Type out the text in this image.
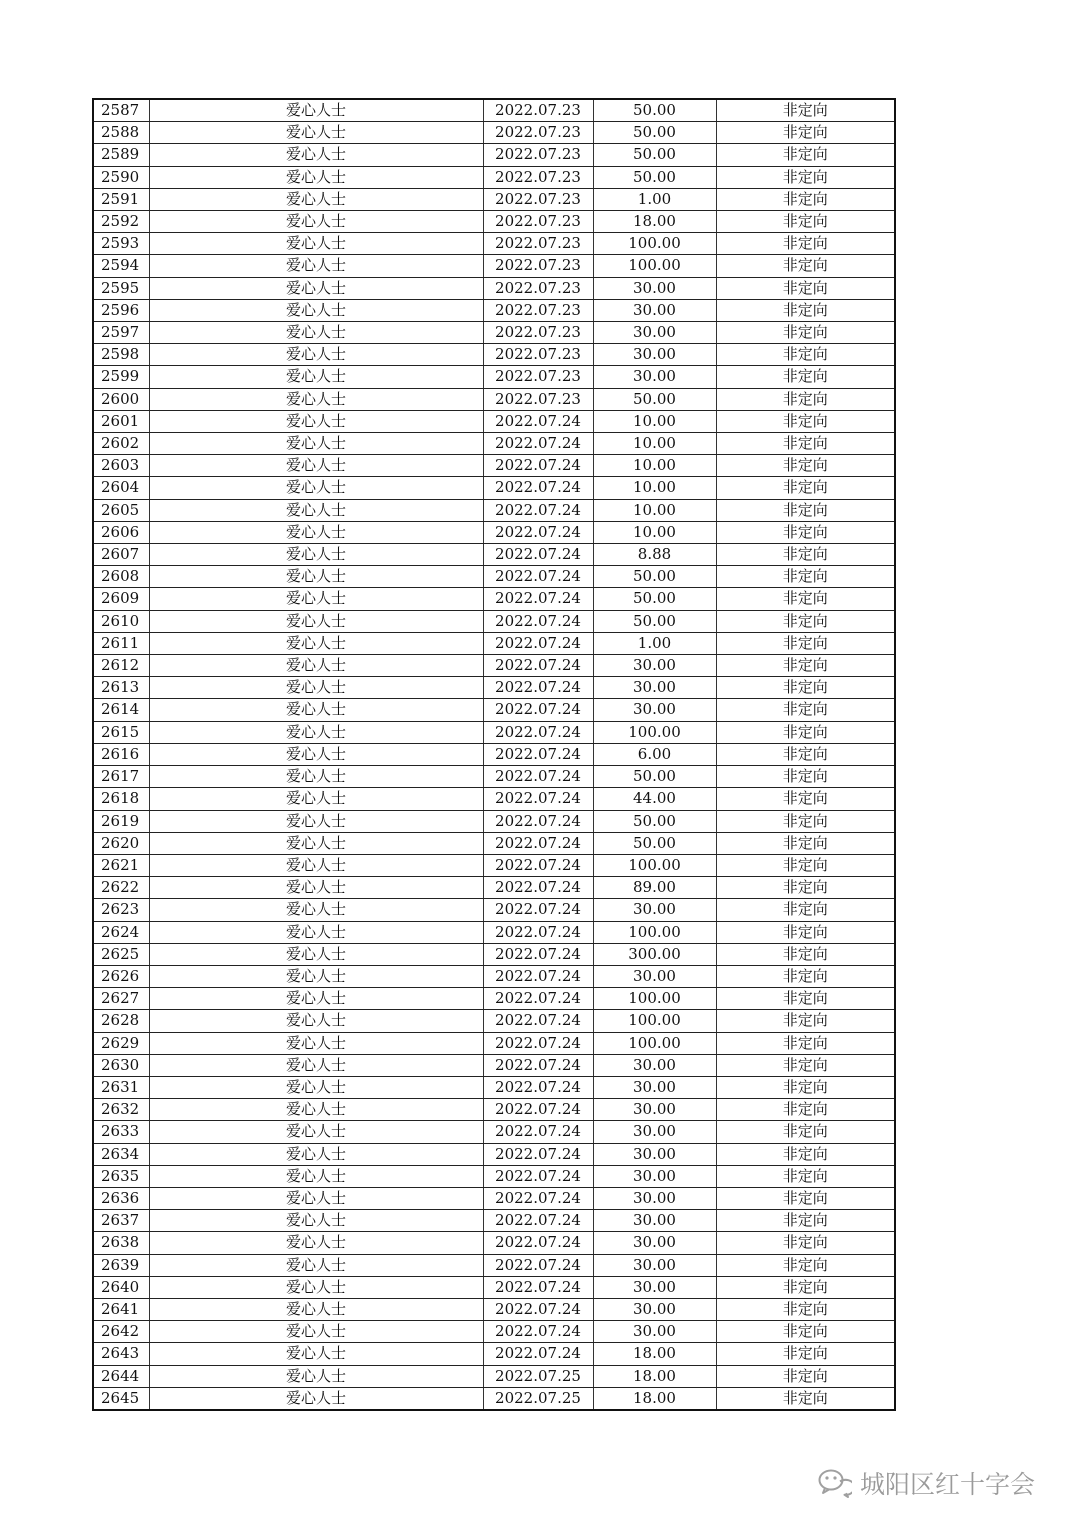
2587	爱心人士	2022.07.23	50.00	非定向
2588	爱心人士	2022.07.23	50.00	非定向
2589	爱心人士	2022.07.23	50.00	非定向
2590	爱心人士	2022.07.23	50.00	非定向
2591	爱心人士	2022.07.23	1.00	非定向
2592	爱心人士	2022.07.23	18.00	非定向
2593	爱心人士	2022.07.23	100.00	非定向
2594	爱心人士	2022.07.23	100.00	非定向
2595	爱心人士	2022.07.23	30.00	非定向
2596	爱心人士	2022.07.23	30.00	非定向
2597	爱心人士	2022.07.23	30.00	非定向
2598	爱心人士	2022.07.23	30.00	非定向
2599	爱心人士	2022.07.23	30.00	非定向
2600	爱心人士	2022.07.23	50.00	非定向
2601	爱心人士	2022.07.24	10.00	非定向
2602	爱心人士	2022.07.24	10.00	非定向
2603	爱心人士	2022.07.24	10.00	非定向
2604	爱心人士	2022.07.24	10.00	非定向
2605	爱心人士	2022.07.24	10.00	非定向
2606	爱心人士	2022.07.24	10.00	非定向
2607	爱心人士	2022.07.24	8.88	非定向
2608	爱心人士	2022.07.24	50.00	非定向
2609	爱心人士	2022.07.24	50.00	非定向
2610	爱心人士	2022.07.24	50.00	非定向
2611	爱心人士	2022.07.24	1.00	非定向
2612	爱心人士	2022.07.24	30.00	非定向
2613	爱心人士	2022.07.24	30.00	非定向
2614	爱心人士	2022.07.24	30.00	非定向
2615	爱心人士	2022.07.24	100.00	非定向
2616	爱心人士	2022.07.24	6.00	非定向
2617	爱心人士	2022.07.24	50.00	非定向
2618	爱心人士	2022.07.24	44.00	非定向
2619	爱心人士	2022.07.24	50.00	非定向
2620	爱心人士	2022.07.24	50.00	非定向
2621	爱心人士	2022.07.24	100.00	非定向
2622	爱心人士	2022.07.24	89.00	非定向
2623	爱心人士	2022.07.24	30.00	非定向
2624	爱心人士	2022.07.24	100.00	非定向
2625	爱心人士	2022.07.24	300.00	非定向
2626	爱心人士	2022.07.24	30.00	非定向
2627	爱心人士	2022.07.24	100.00	非定向
2628	爱心人士	2022.07.24	100.00	非定向
2629	爱心人士	2022.07.24	100.00	非定向
2630	爱心人士	2022.07.24	30.00	非定向
2631	爱心人士	2022.07.24	30.00	非定向
2632	爱心人士	2022.07.24	30.00	非定向
2633	爱心人士	2022.07.24	30.00	非定向
2634	爱心人士	2022.07.24	30.00	非定向
2635	爱心人士	2022.07.24	30.00	非定向
2636	爱心人士	2022.07.24	30.00	非定向
2637	爱心人士	2022.07.24	30.00	非定向
2638	爱心人士	2022.07.24	30.00	非定向
2639	爱心人士	2022.07.24	30.00	非定向
2640	爱心人士	2022.07.24	30.00	非定向
2641	爱心人士	2022.07.24	30.00	非定向
2642	爱心人士	2022.07.24	30.00	非定向
2643	爱心人士	2022.07.24	18.00	非定向
2644	爱心人士	2022.07.25	18.00	非定向
2645	爱心人士	2022.07.25	18.00	非定向
城阳区红十字会
